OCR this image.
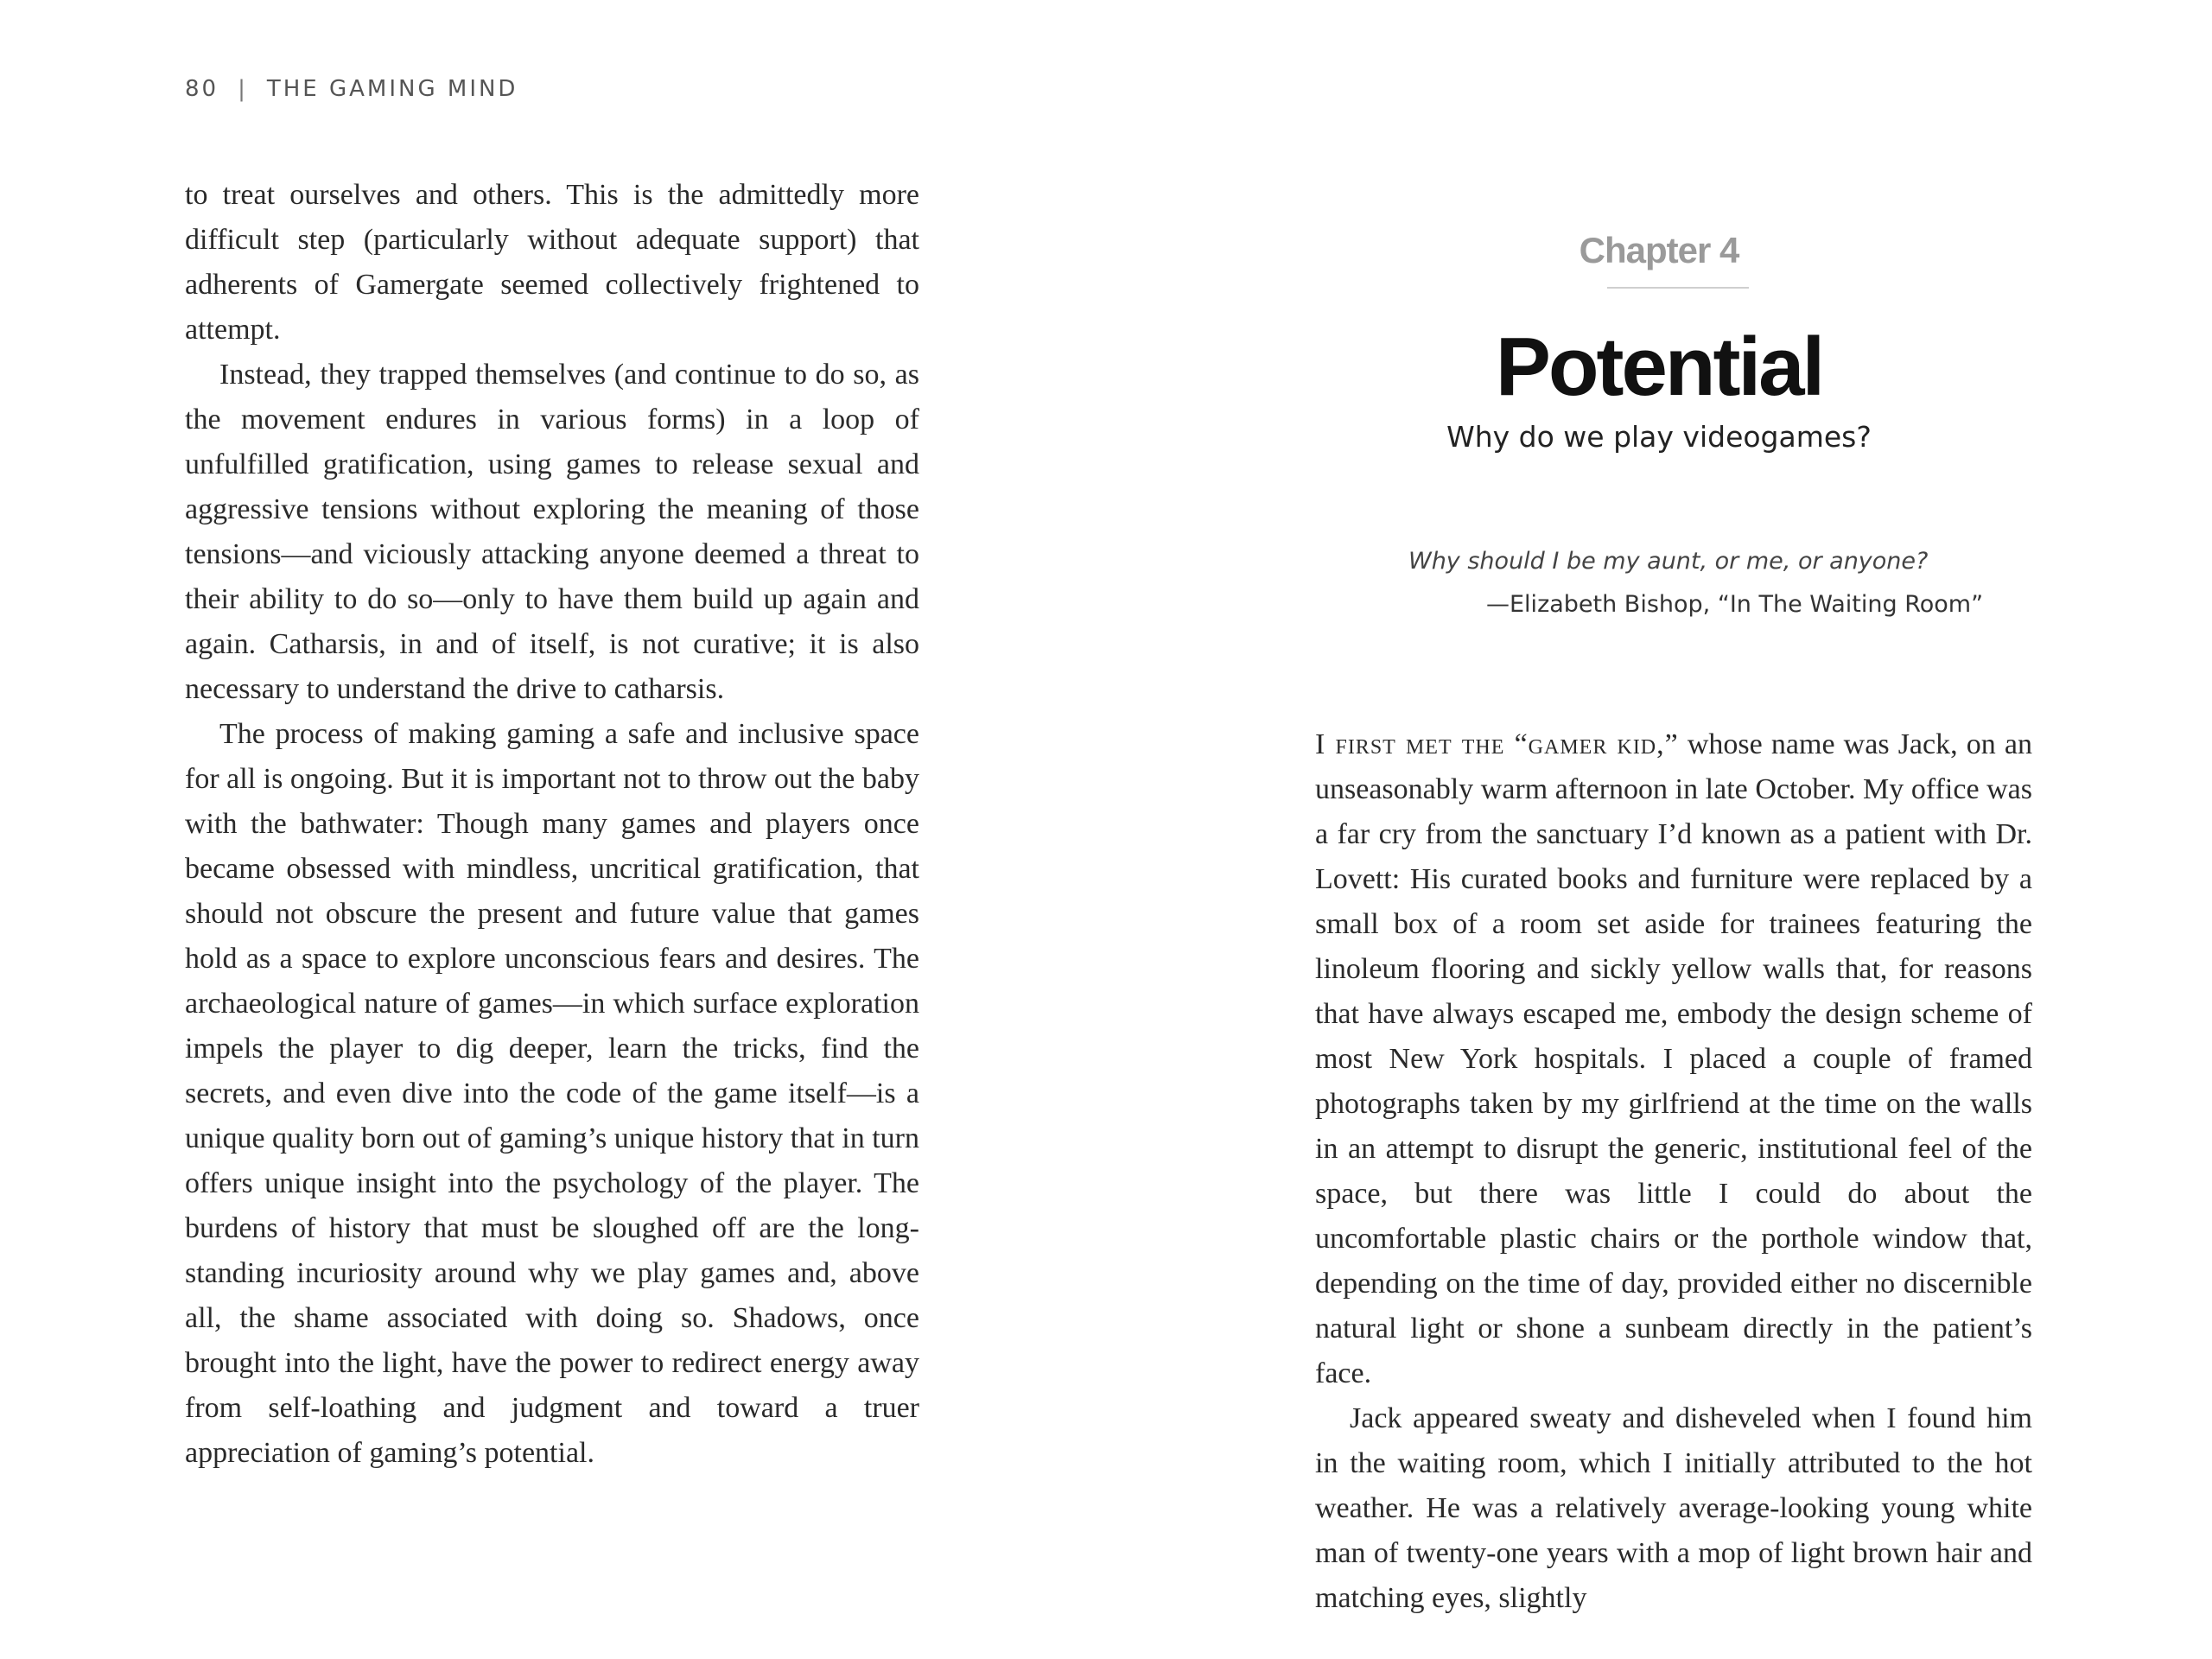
80 | THE GAMING MIND

to treat ourselves and others. This is the admittedly more difficult step (particularly without adequate support) that adherents of Gamergate seemed collectively frightened to attempt.

Instead, they trapped themselves (and continue to do so, as the movement endures in various forms) in a loop of unfulfilled gratification, using games to release sexual and aggressive tensions without exploring the meaning of those tensions—and viciously attacking anyone deemed a threat to their ability to do so—only to have them build up again and again. Catharsis, in and of itself, is not curative; it is also necessary to understand the drive to catharsis.

The process of making gaming a safe and inclusive space for all is ongoing. But it is important not to throw out the baby with the bathwater: Though many games and players once became obsessed with mindless, uncritical gratification, that should not obscure the present and future value that games hold as a space to explore unconscious fears and desires. The archaeological nature of games—in which surface exploration impels the player to dig deeper, learn the tricks, find the secrets, and even dive into the code of the game itself—is a unique quality born out of gaming’s unique history that in turn offers unique insight into the psychology of the player. The burdens of history that must be sloughed off are the long-standing incuriosity around why we play games and, above all, the shame associated with doing so. Shadows, once brought into the light, have the power to redirect energy away from self-loathing and judgment and toward a truer appreciation of gaming’s potential.

Chapter 4
Potential
Why do we play videogames?
Why should I be my aunt, or me, or anyone?
—Elizabeth Bishop, “In The Waiting Room”

I first met the “gamer kid,” whose name was Jack, on an unseasonably warm afternoon in late October. My office was a far cry from the sanctuary I’d known as a patient with Dr. Lovett: His curated books and furniture were replaced by a small box of a room set aside for trainees featuring the linoleum flooring and sickly yellow walls that, for reasons that have always escaped me, embody the design scheme of most New York hospitals. I placed a couple of framed photographs taken by my girlfriend at the time on the walls in an attempt to disrupt the generic, institutional feel of the space, but there was little I could do about the uncomfortable plastic chairs or the porthole window that, depending on the time of day, provided either no discernible natural light or shone a sunbeam directly in the patient’s face.

Jack appeared sweaty and disheveled when I found him in the waiting room, which I initially attributed to the hot weather. He was a relatively average-looking young white man of twenty-one years with a mop of light brown hair and matching eyes, slightly
